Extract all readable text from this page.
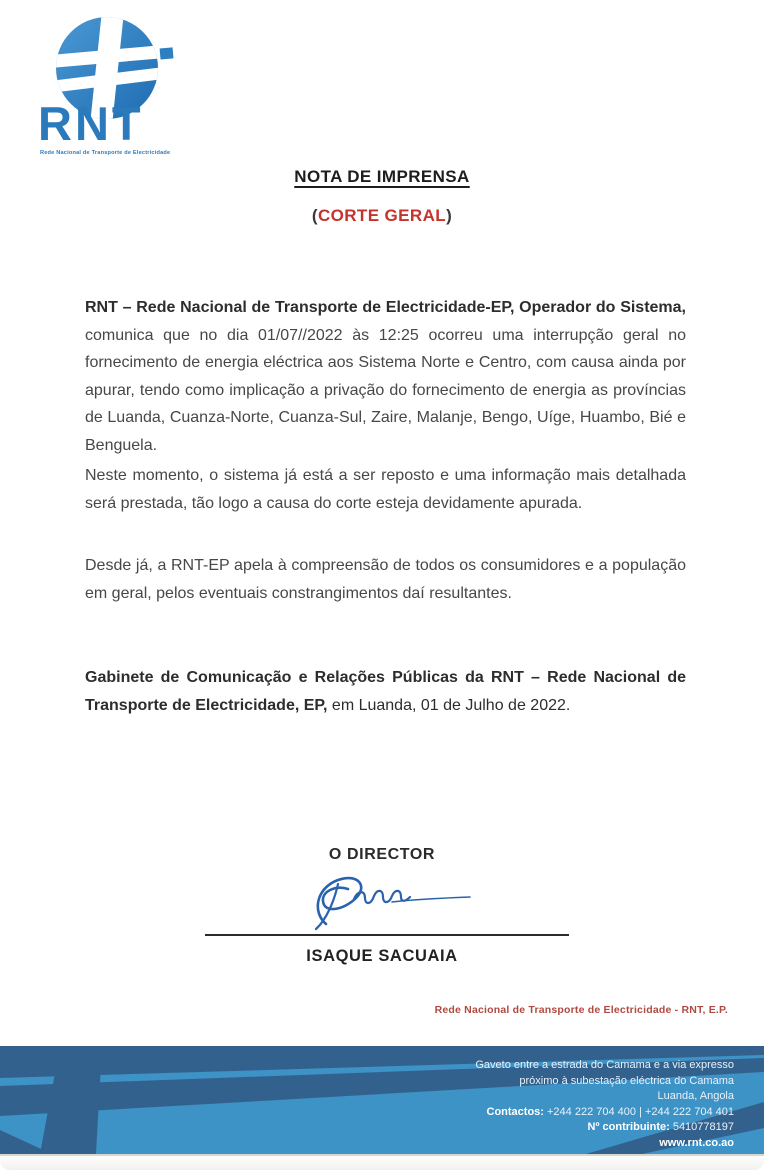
RNT
Rede Nacional de Transporte de Electricidade
NOTA DE IMPRENSA
(CORTE GERAL)
RNT – Rede Nacional de Transporte de Electricidade-EP, Operador do Sistema, comunica que no dia 01/07//2022 às 12:25 ocorreu uma interrupção geral no fornecimento de energia eléctrica aos Sistema Norte e Centro, com causa ainda por apurar, tendo como implicação a privação do fornecimento de energia as províncias de Luanda, Cuanza-Norte, Cuanza-Sul, Zaire, Malanje, Bengo, Uíge, Huambo, Bié e Benguela.
Neste momento, o sistema já está a ser reposto e uma informação mais detalhada será prestada, tão logo a causa do corte esteja devidamente apurada.
Desde já, a RNT-EP apela à compreensão de todos os consumidores e a população em geral, pelos eventuais constrangimentos daí resultantes.
Gabinete de Comunicação e Relações Públicas da RNT – Rede Nacional de Transporte de Electricidade, EP, em Luanda, 01 de Julho de 2022.
O DIRECTOR
ISAQUE SACUAIA
Rede Nacional de Transporte de Electricidade - RNT, E.P.
Gaveto entre a estrada do Camama e a via expresso
próximo à subestação eléctrica do Camama
Luanda, Angola
Contactos: +244 222 704 400 | +244 222 704 401
Nº contribuinte: 5410778197
www.rnt.co.ao
